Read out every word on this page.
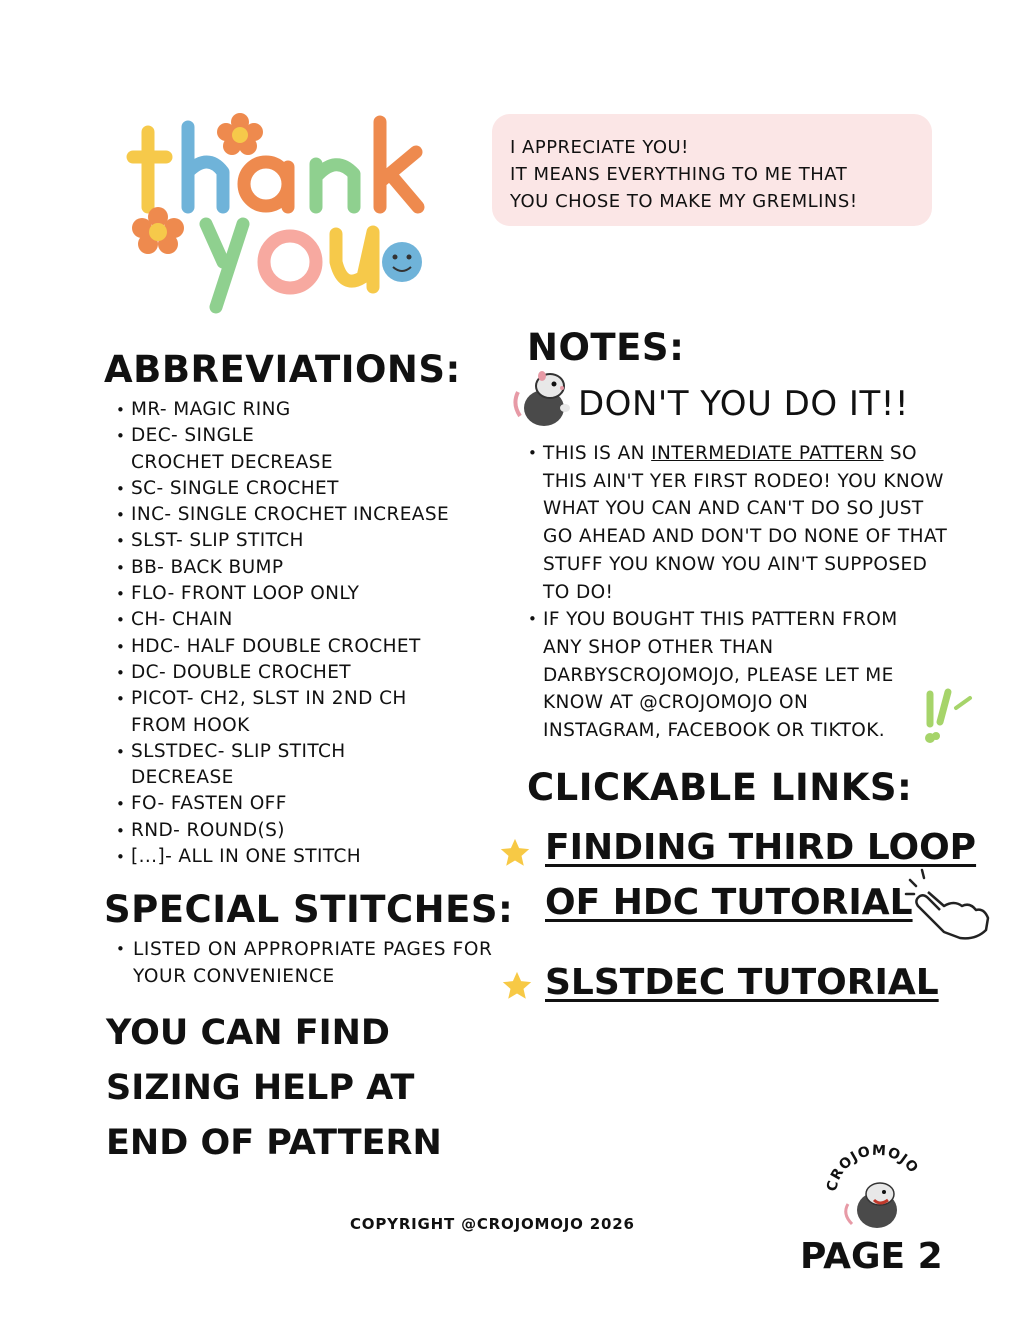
I APPRECIATE YOU!
IT MEANS EVERYTHING TO ME THAT
YOU CHOSE TO MAKE MY GREMLINS!
ABBREVIATIONS:
• MR- MAGIC RING
• DEC- SINGLE CROCHET DECREASE
• SC- SINGLE CROCHET
• INC- SINGLE CROCHET INCREASE
• SLST- SLIP STITCH
• BB- BACK BUMP
• FLO- FRONT LOOP ONLY
• CH- CHAIN
• HDC- HALF DOUBLE CROCHET
• DC- DOUBLE CROCHET
• PICOT- CH2, SLST IN 2ND CH FROM HOOK
• SLSTDEC- SLIP STITCH DECREASE
• FO- FASTEN OFF
• RND- ROUND(S)
• [...]- ALL IN ONE STITCH
SPECIAL STITCHES:
• LISTED ON APPROPRIATE PAGES FOR YOUR CONVENIENCE
YOU CAN FIND SIZING HELP AT END OF PATTERN
NOTES:
DON'T YOU DO IT!!
• THIS IS AN INTERMEDIATE PATTERN SO THIS AIN'T YER FIRST RODEO! YOU KNOW WHAT YOU CAN AND CAN'T DO SO JUST GO AHEAD AND DON'T DO NONE OF THAT STUFF YOU KNOW YOU AIN'T SUPPOSED TO DO!
• IF YOU BOUGHT THIS PATTERN FROM ANY SHOP OTHER THAN DARBYSCROJOMOJO, PLEASE LET ME KNOW AT @CROJOMOJO ON INSTAGRAM, FACEBOOK OR TIKTOK.
CLICKABLE LINKS:
FINDING THIRD LOOP
OF HDC TUTORIAL
SLSTDEC TUTORIAL
COPYRIGHT @CROJOMOJO 2026
CROJOMOJO
PAGE 2
